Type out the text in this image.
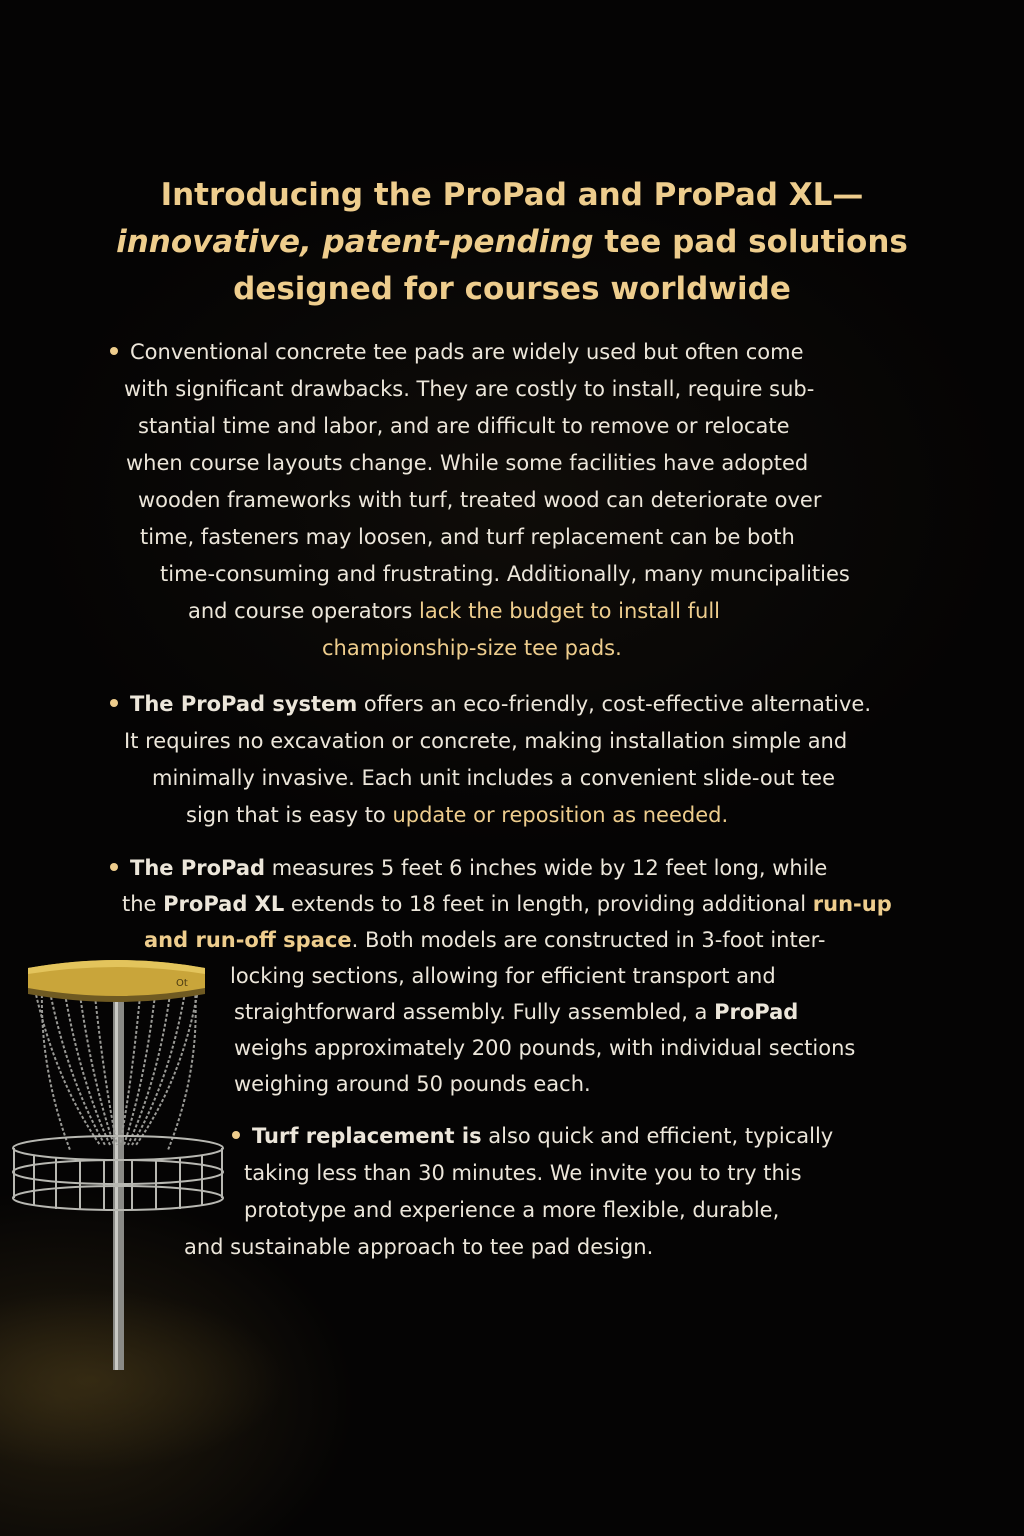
Ot
Introducing the ProPad and ProPad XL—
innovative, patent-pending tee pad solutions
designed for courses worldwide
Conventional concrete tee pads are widely used but often come
with significant drawbacks. They are costly to install, require sub-
stantial time and labor, and are difficult to remove or relocate
when course layouts change. While some facilities have adopted
wooden frameworks with turf, treated wood can deteriorate over
time, fasteners may loosen, and turf replacement can be both
time-consuming and frustrating. Additionally, many muncipalities
and course operators lack the budget to install full
championship-size tee pads.
The ProPad system offers an eco-friendly, cost-effective alternative.
It requires no excavation or concrete, making installation simple and
minimally invasive. Each unit includes a convenient slide-out tee
sign that is easy to update or reposition as needed.
The ProPad measures 5 feet 6 inches wide by 12 feet long, while
the ProPad XL extends to 18 feet in length, providing additional run-up
and run-off space. Both models are constructed in 3-foot inter-
locking sections, allowing for efficient transport and
straightforward assembly. Fully assembled, a ProPad
weighs approximately 200 pounds, with individual sections
weighing around 50 pounds each.
Turf replacement is also quick and efficient, typically
taking less than 30 minutes. We invite you to try this
prototype and experience a more flexible, durable,
and sustainable approach to tee pad design.
